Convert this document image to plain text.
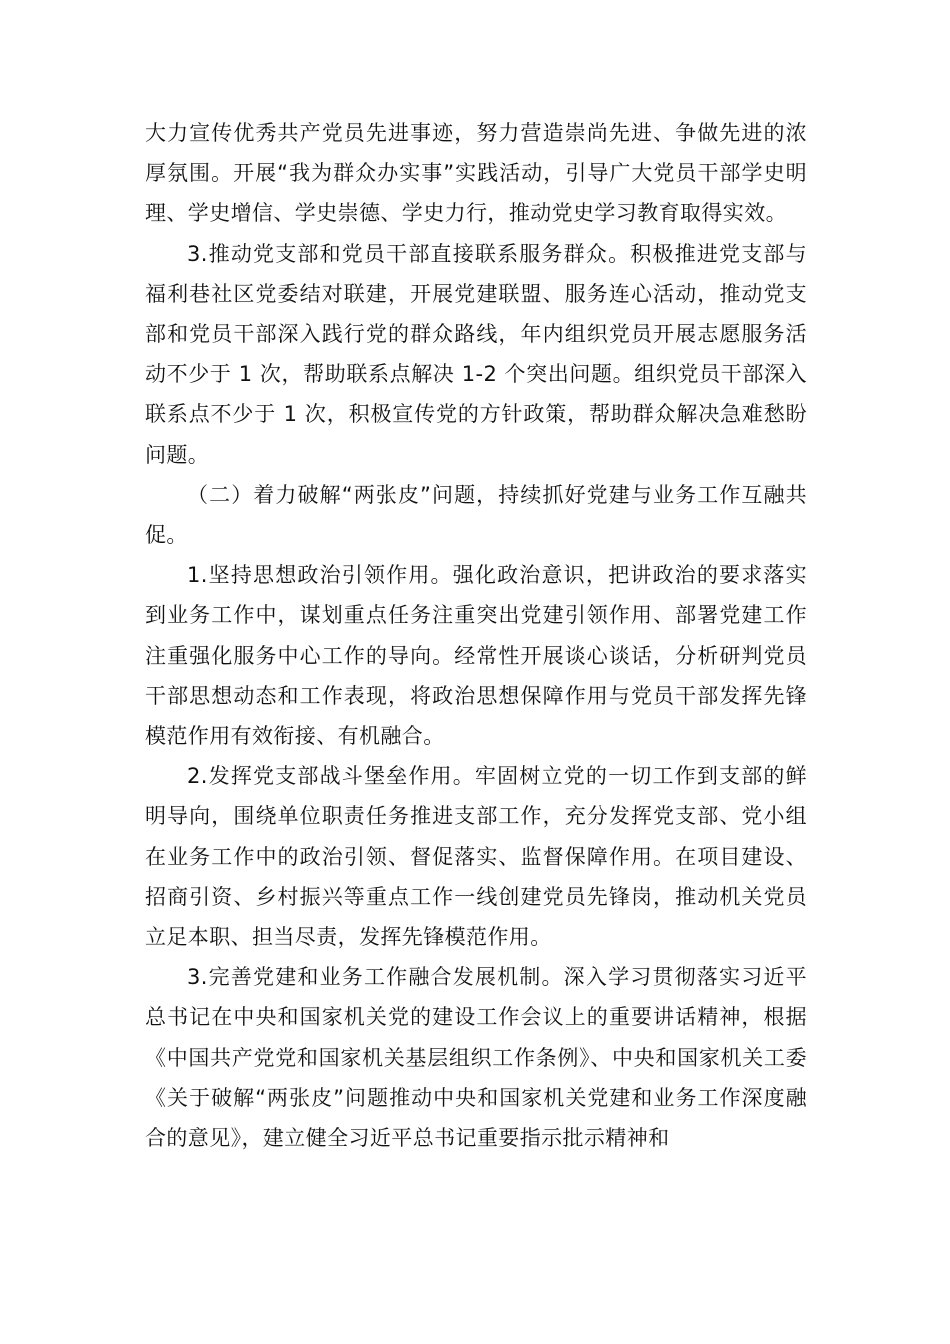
大力宣传优秀共产党员先进事迹，努力营造崇尚先进、争做先进的浓厚氛围。开展“我为群众办实事”实践活动，引导广大党员干部学史明理、学史增信、学史崇德、学史力行，推动党史学习教育取得实效。

3.推动党支部和党员干部直接联系服务群众。积极推进党支部与福利巷社区党委结对联建，开展党建联盟、服务连心活动，推动党支部和党员干部深入践行党的群众路线，年内组织党员开展志愿服务活动不少于 1 次，帮助联系点解决 1-2 个突出问题。组织党员干部深入联系点不少于 1 次，积极宣传党的方针政策，帮助群众解决急难愁盼问题。

（二）着力破解“两张皮”问题，持续抓好党建与业务工作互融共促。

1.坚持思想政治引领作用。强化政治意识，把讲政治的要求落实到业务工作中，谋划重点任务注重突出党建引领作用、部署党建工作注重强化服务中心工作的导向。经常性开展谈心谈话，分析研判党员干部思想动态和工作表现，将政治思想保障作用与党员干部发挥先锋模范作用有效衔接、有机融合。

2.发挥党支部战斗堡垒作用。牢固树立党的一切工作到支部的鲜明导向，围绕单位职责任务推进支部工作，充分发挥党支部、党小组在业务工作中的政治引领、督促落实、监督保障作用。在项目建设、招商引资、乡村振兴等重点工作一线创建党员先锋岗，推动机关党员立足本职、担当尽责，发挥先锋模范作用。

3.完善党建和业务工作融合发展机制。深入学习贯彻落实习近平总书记在中央和国家机关党的建设工作会议上的重要讲话精神，根据《中国共产党党和国家机关基层组织工作条例》、中央和国家机关工委《关于破解“两张皮”问题推动中央和国家机关党建和业务工作深度融合的意见》，建立健全习近平总书记重要指示批示精神和
